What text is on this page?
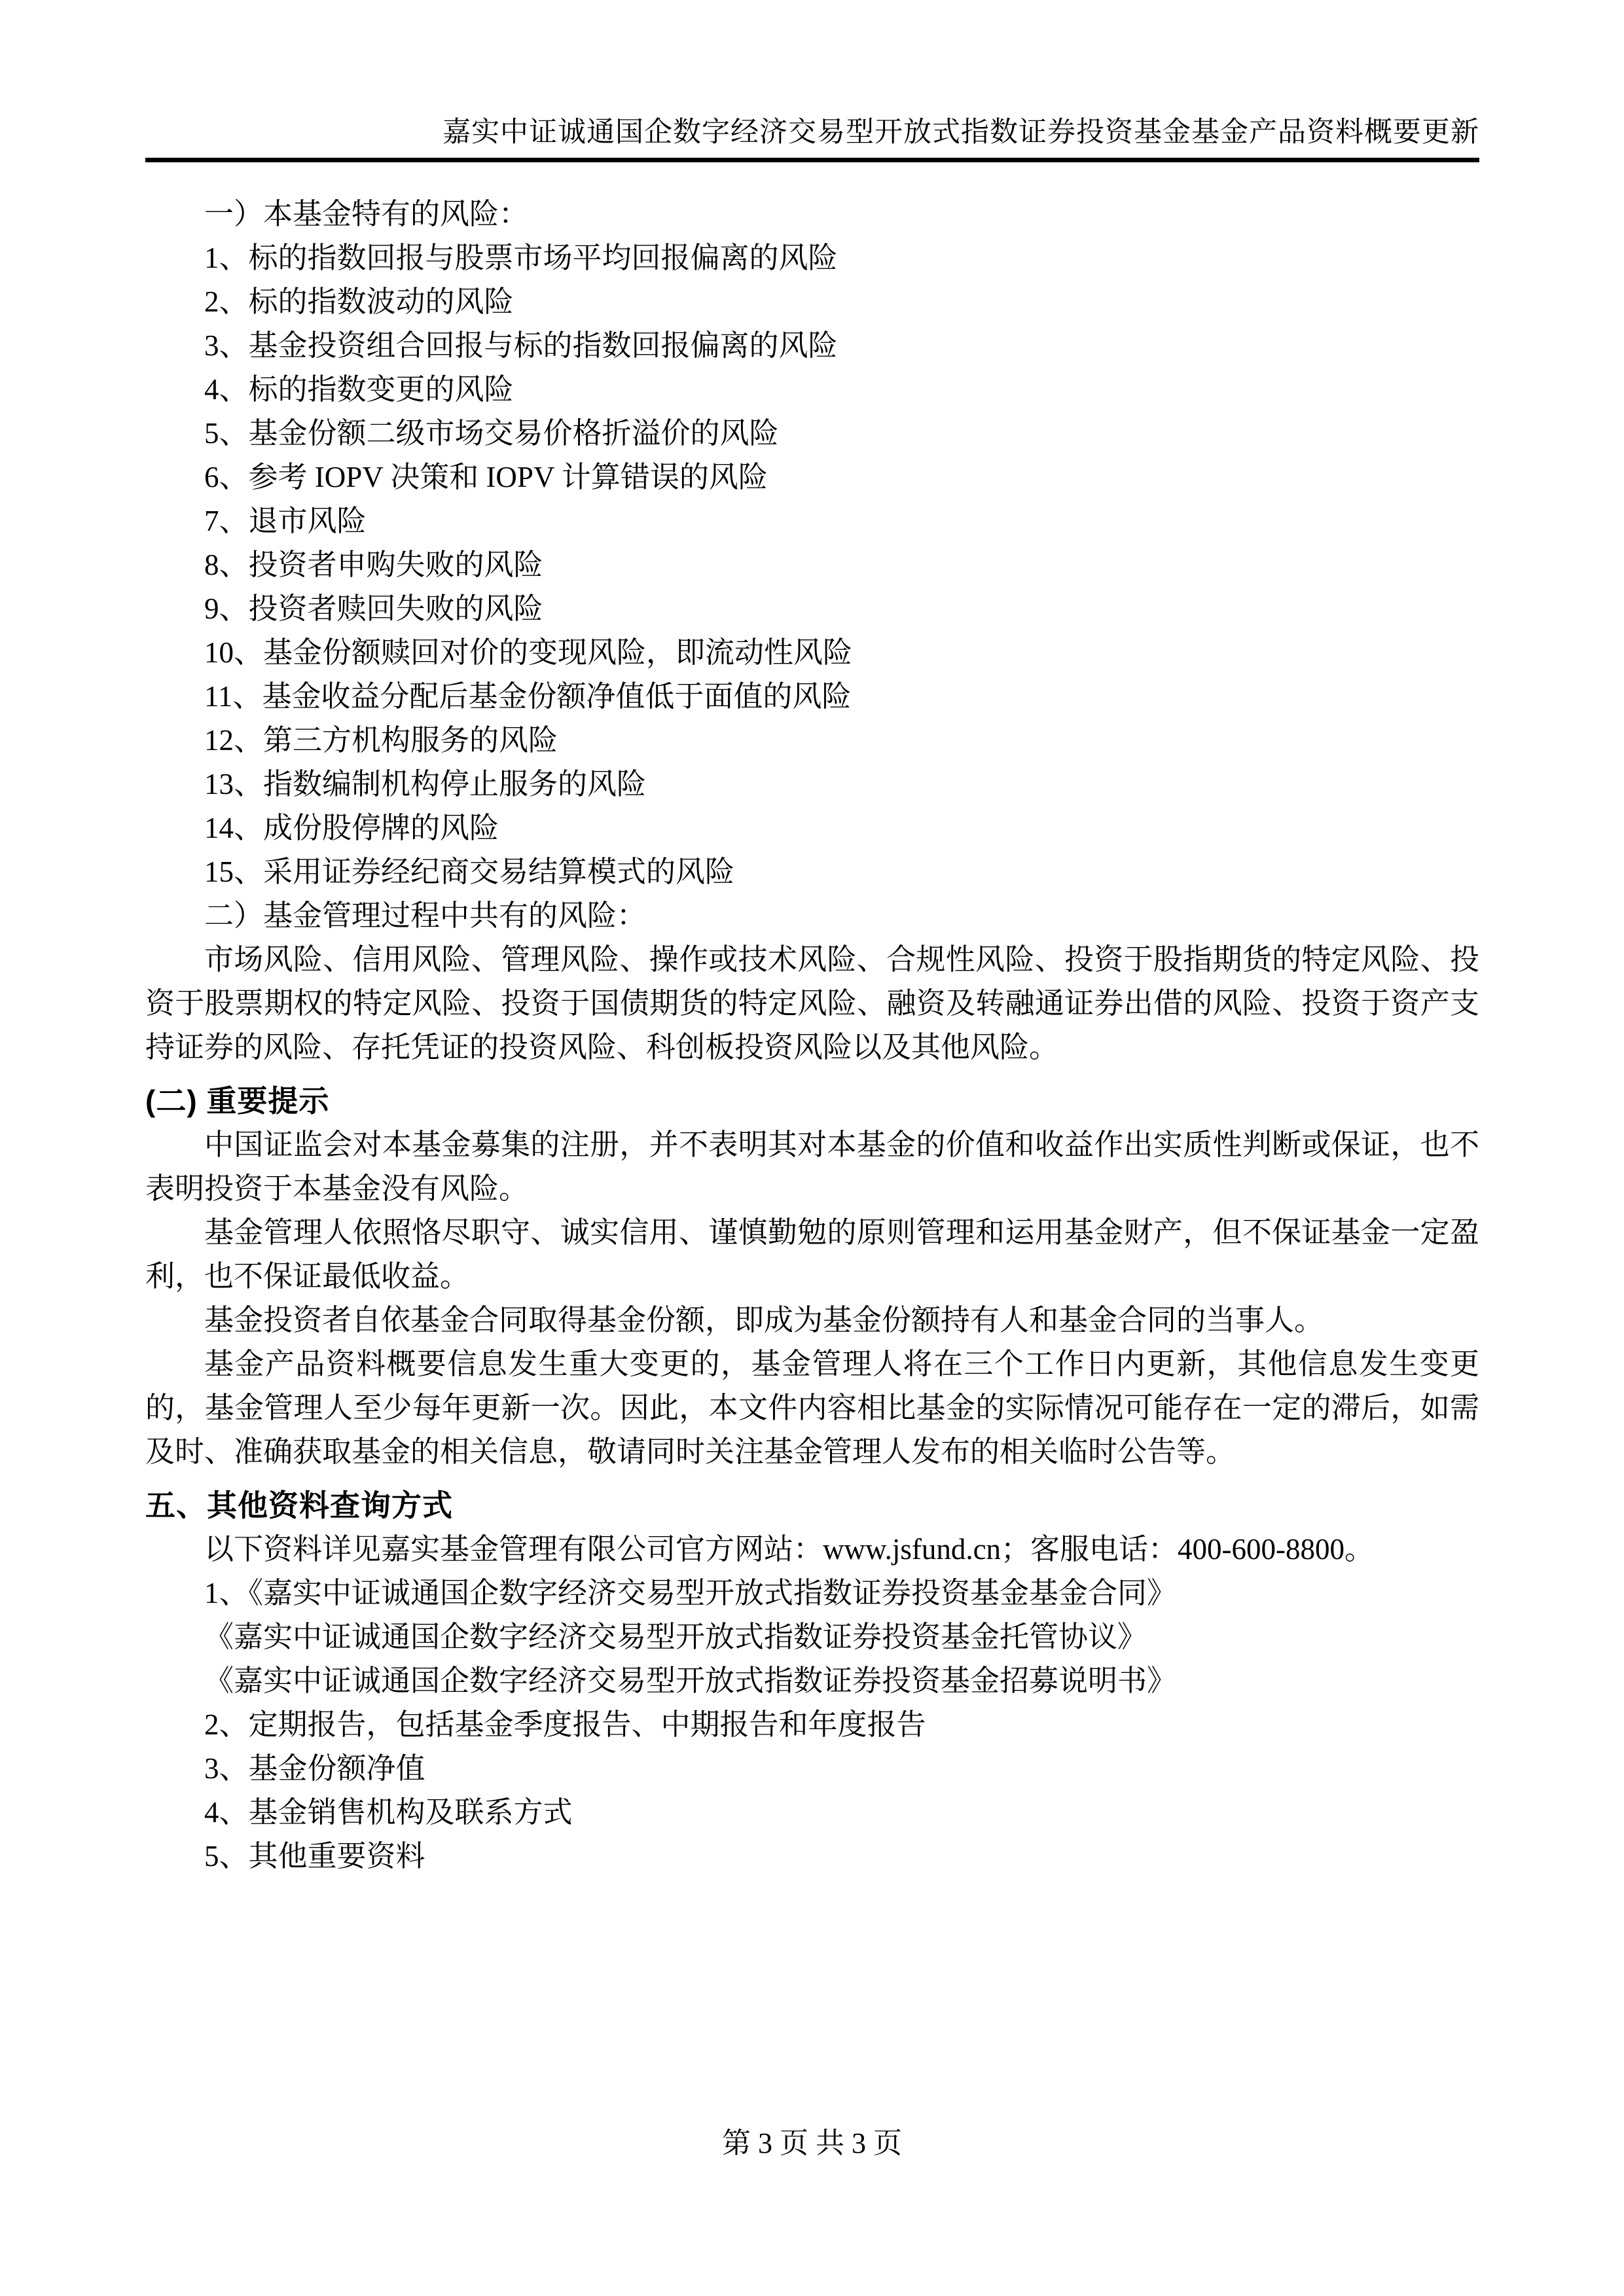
嘉实中证诚通国企数字经济交易型开放式指数证券投资基金基金产品资料概要更新

一）本基金特有的风险：

1、标的指数回报与股票市场平均回报偏离的风险

2、标的指数波动的风险

3、基金投资组合回报与标的指数回报偏离的风险

4、标的指数变更的风险

5、基金份额二级市场交易价格折溢价的风险

6、参考 IOPV 决策和 IOPV 计算错误的风险

7、退市风险

8、投资者申购失败的风险

9、投资者赎回失败的风险

10、基金份额赎回对价的变现风险，即流动性风险

11、基金收益分配后基金份额净值低于面值的风险

12、第三方机构服务的风险

13、指数编制机构停止服务的风险

14、成份股停牌的风险

15、采用证券经纪商交易结算模式的风险

二）基金管理过程中共有的风险：

市场风险、信用风险、管理风险、操作或技术风险、合规性风险、投资于股指期货的特定风险、投资于股票期权的特定风险、投资于国债期货的特定风险、融资及转融通证券出借的风险、投资于资产支持证券的风险、存托凭证的投资风险、科创板投资风险以及其他风险。

(二) 重要提示

中国证监会对本基金募集的注册，并不表明其对本基金的价值和收益作出实质性判断或保证，也不表明投资于本基金没有风险。

基金管理人依照恪尽职守、诚实信用、谨慎勤勉的原则管理和运用基金财产，但不保证基金一定盈利，也不保证最低收益。

基金投资者自依基金合同取得基金份额，即成为基金份额持有人和基金合同的当事人。

基金产品资料概要信息发生重大变更的，基金管理人将在三个工作日内更新，其他信息发生变更的，基金管理人至少每年更新一次。因此，本文件内容相比基金的实际情况可能存在一定的滞后，如需及时、准确获取基金的相关信息，敬请同时关注基金管理人发布的相关临时公告等。

五、其他资料查询方式

以下资料详见嘉实基金管理有限公司官方网站：www.jsfund.cn；客服电话：400-600-8800。

1、《嘉实中证诚通国企数字经济交易型开放式指数证券投资基金基金合同》

《嘉实中证诚通国企数字经济交易型开放式指数证券投资基金托管协议》

《嘉实中证诚通国企数字经济交易型开放式指数证券投资基金招募说明书》

2、定期报告，包括基金季度报告、中期报告和年度报告

3、基金份额净值

4、基金销售机构及联系方式

5、其他重要资料

第 3 页 共 3 页
